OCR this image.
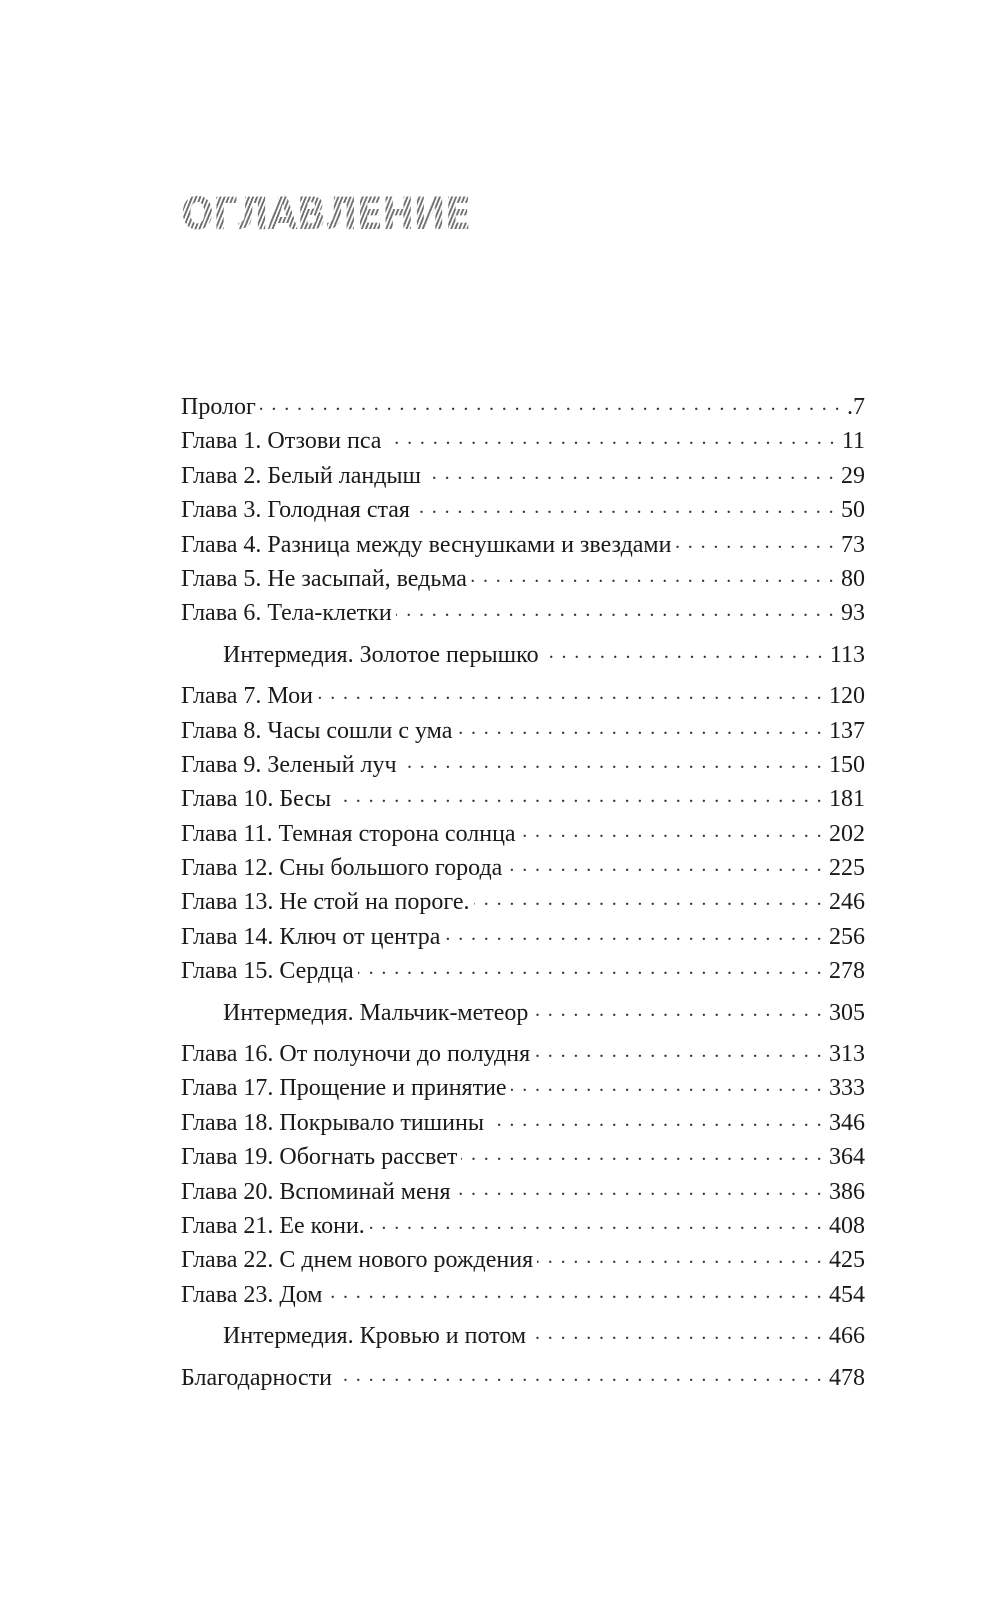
ОГЛАВЛЕНИЕ
Пролог . . .	.7
Глава 1. Отзови пса . . .	11
Глава 2. Белый ландыш . . .	29
Глава 3. Голодная стая . . .	50
Глава 4. Разница между веснушками и звездами . . .	73
Глава 5. Не засыпай, ведьма . . .	80
Глава 6. Тела-клетки . . .	93
Интермедия. Золотое перышко . . .	113
Глава 7. Мои . . .	120
Глава 8. Часы сошли с ума . . .	137
Глава 9. Зеленый луч . . .	150
Глава 10. Бесы . . .	181
Глава 11. Темная сторона солнца . . .	202
Глава 12. Сны большого города . . .	225
Глава 13. Не стой на пороге. . . .	246
Глава 14. Ключ от центра . . .	256
Глава 15. Сердца . . .	278
Интермедия. Мальчик-метеор . . .	305
Глава 16. От полуночи до полудня . . .	313
Глава 17. Прощение и принятие . . .	333
Глава 18. Покрывало тишины . . .	346
Глава 19. Обогнать рассвет . . .	364
Глава 20. Вспоминай меня . . .	386
Глава 21. Ее кони. . . .	408
Глава 22. С днем нового рождения . . .	425
Глава 23. Дом . . .	454
Интермедия. Кровью и потом . . .	466
Благодарности . . .	478
